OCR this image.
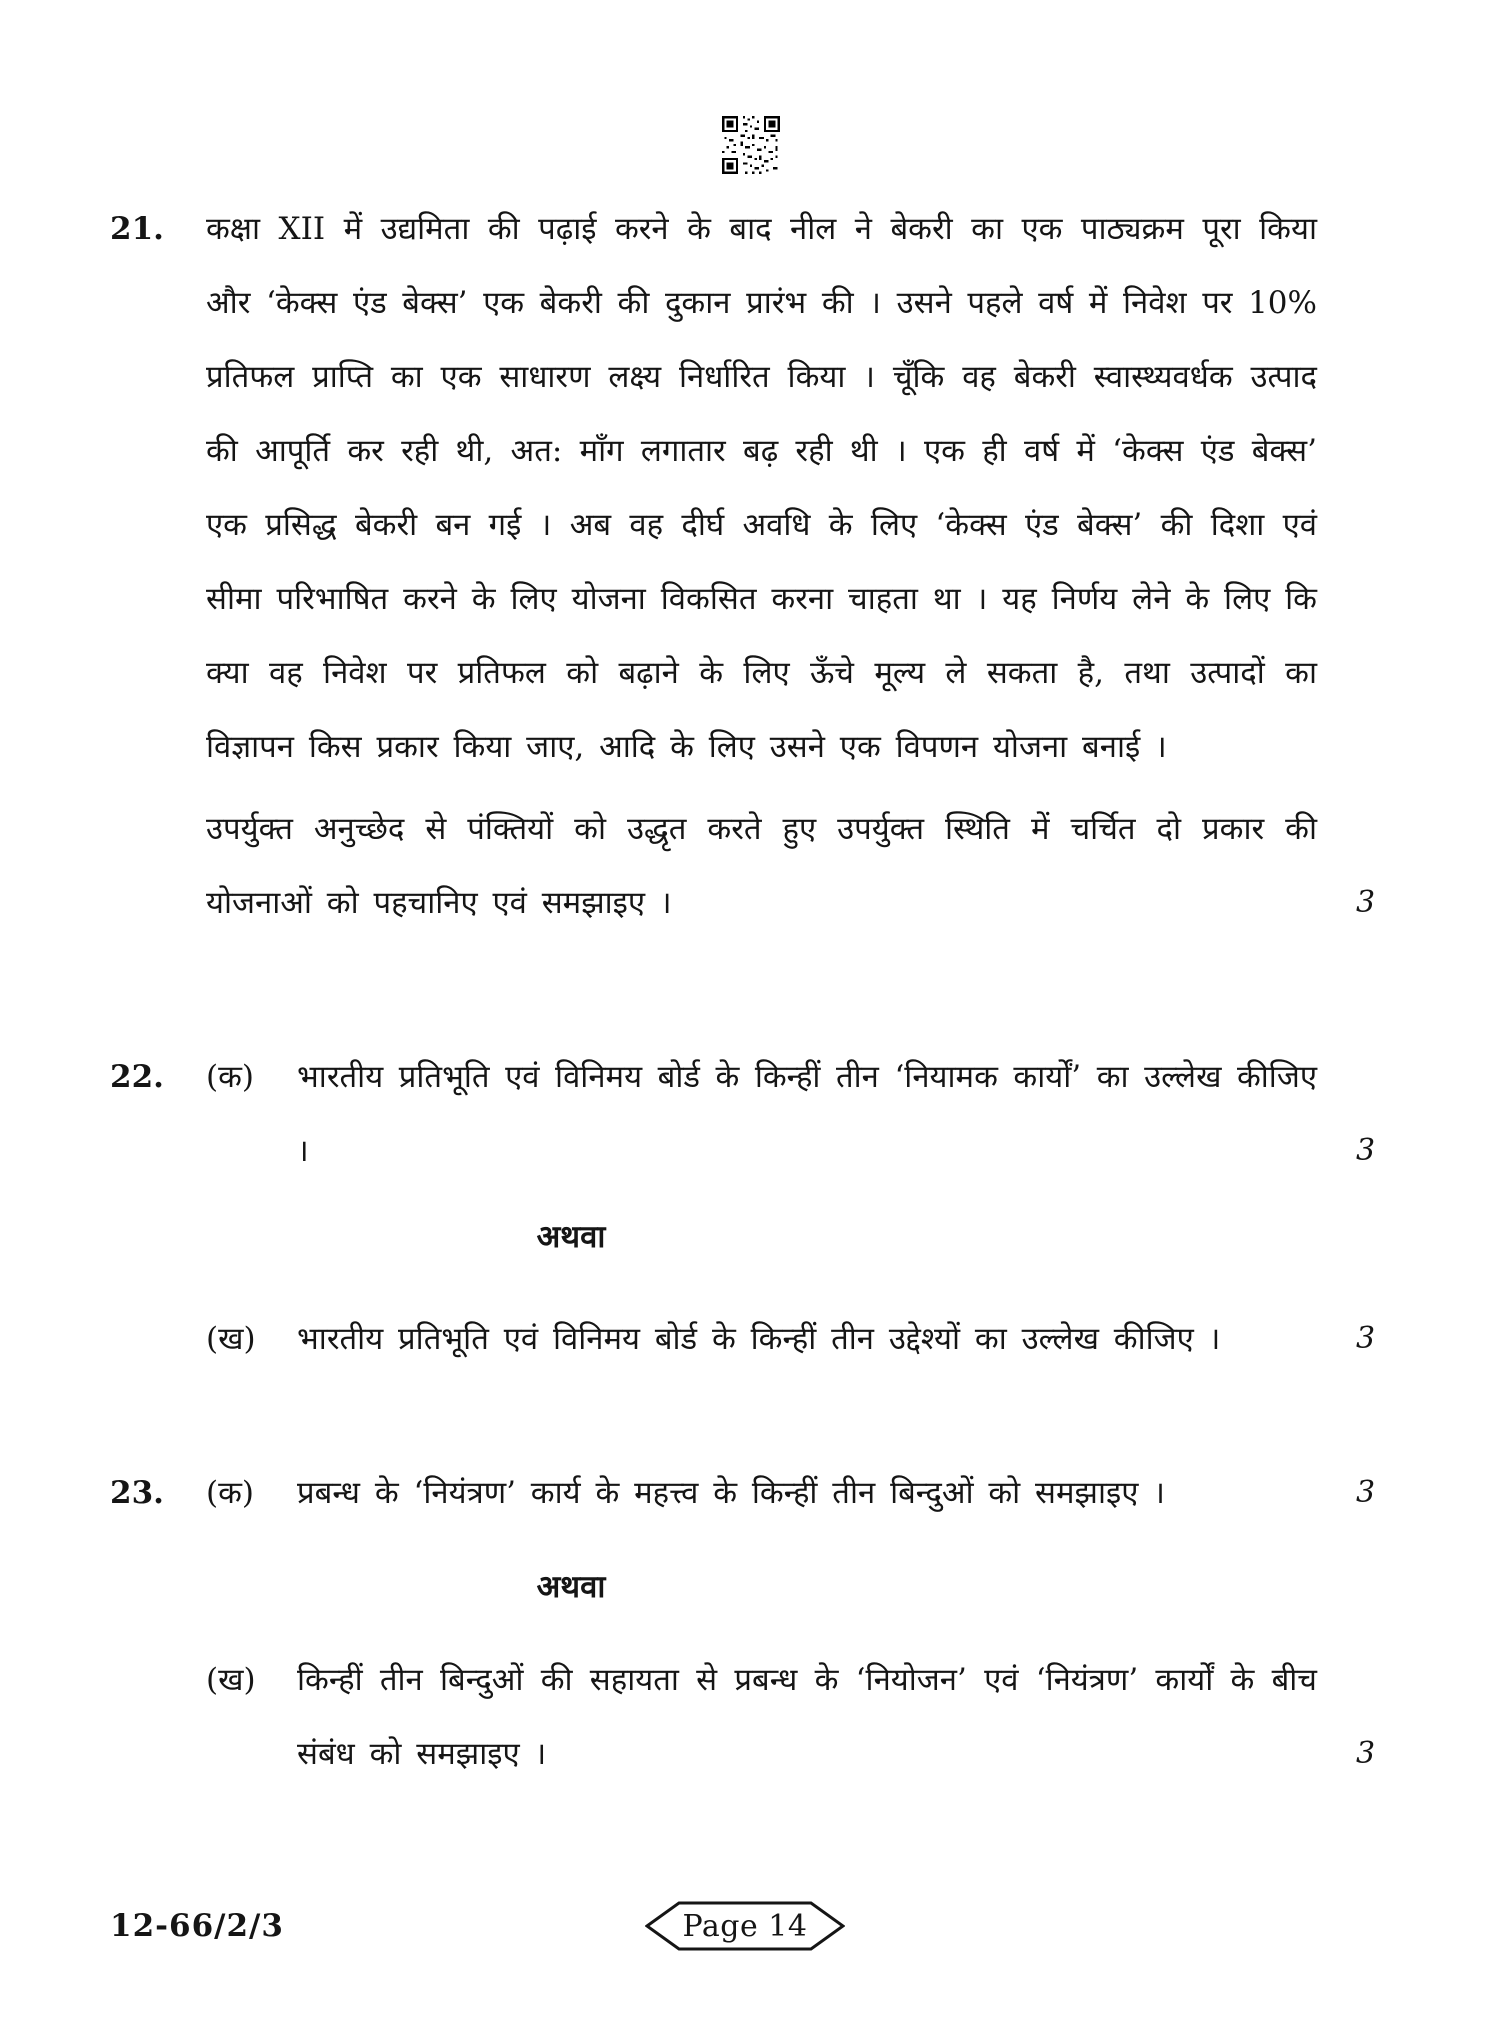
21.	कक्षा XII में उद्यमिता की पढ़ाई करने के बाद नील ने बेकरी का एक पाठ्यक्रम पूरा किया और ‘केक्स एंड बेक्स’ एक बेकरी की दुकान प्रारंभ की । उसने पहले वर्ष में निवेश पर 10% प्रतिफल प्राप्ति का एक साधारण लक्ष्य निर्धारित किया । चूँकि वह बेकरी स्वास्थ्यवर्धक उत्पाद की आपूर्ति कर रही थी, अत: माँग लगातार बढ़ रही थी । एक ही वर्ष में ‘केक्स एंड बेक्स’ एक प्रसिद्ध बेकरी बन गई । अब वह दीर्घ अवधि के लिए ‘केक्स एंड बेक्स’ की दिशा एवं सीमा परिभाषित करने के लिए योजना विकसित करना चाहता था । यह निर्णय लेने के लिए कि क्या वह निवेश पर प्रतिफल को बढ़ाने के लिए ऊँचे मूल्य ले सकता है, तथा उत्पादों का विज्ञापन किस प्रकार किया जाए, आदि के लिए उसने एक विपणन योजना बनाई ।

उपर्युक्त अनुच्छेद से पंक्तियों को उद्धृत करते हुए उपर्युक्त स्थिति में चर्चित दो प्रकार की योजनाओं को पहचानिए एवं समझाइए ।	3
22.	(क)	भारतीय प्रतिभूति एवं विनिमय बोर्ड के किन्हीं तीन ‘नियामक कार्यों’ का उल्लेख कीजिए ।	3
अथवा
(ख)	भारतीय प्रतिभूति एवं विनिमय बोर्ड के किन्हीं तीन उद्देश्यों का उल्लेख कीजिए ।	3
23.	(क)	प्रबन्ध के ‘नियंत्रण’ कार्य के महत्त्व के किन्हीं तीन बिन्दुओं को समझाइए ।	3
अथवा
(ख)	किन्हीं तीन बिन्दुओं की सहायता से प्रबन्ध के ‘नियोजन’ एवं ‘नियंत्रण’ कार्यों के बीच संबंध को समझाइए ।	3
12-66/2/3	Page 14
